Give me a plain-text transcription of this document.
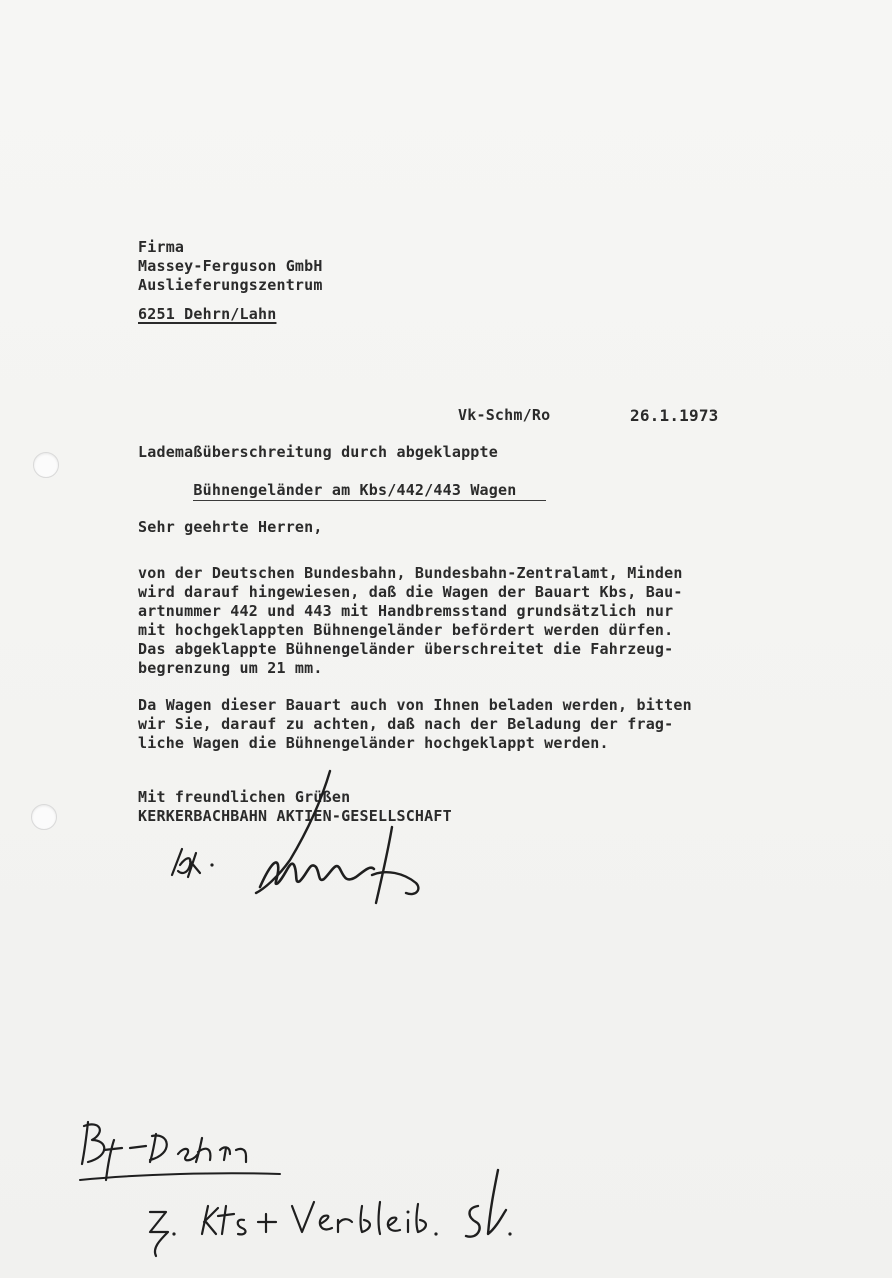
Firma
Massey-Ferguson GmbH
Auslieferungszentrum
6251 Dehrn/Lahn
Vk-Schm/Ro	26.1.1973
Lademaßüberschreitung durch abgeklappte

Bühnengeländer am Kbs/442/443 Wagen

Sehr geehrte Herren,
von der Deutschen Bundesbahn, Bundesbahn-Zentralamt, Minden
wird darauf hingewiesen, daß die Wagen der Bauart Kbs, Bau-
artnummer 442 und 443 mit Handbremsstand grundsätzlich nur
mit hochgeklappten Bühnengeländer befördert werden dürfen.
Das abgeklappte Bühnengeländer überschreitet die Fahrzeug-
begrenzung um 21 mm.
Da Wagen dieser Bauart auch von Ihnen beladen werden, bitten
wir Sie, darauf zu achten, daß nach der Beladung der frag-
liche Wagen die Bühnengeländer hochgeklappt werden.
Mit freundlichen Grüßen
KERKERBACHBAHN AKTIEN-GESELLSCHAFT
